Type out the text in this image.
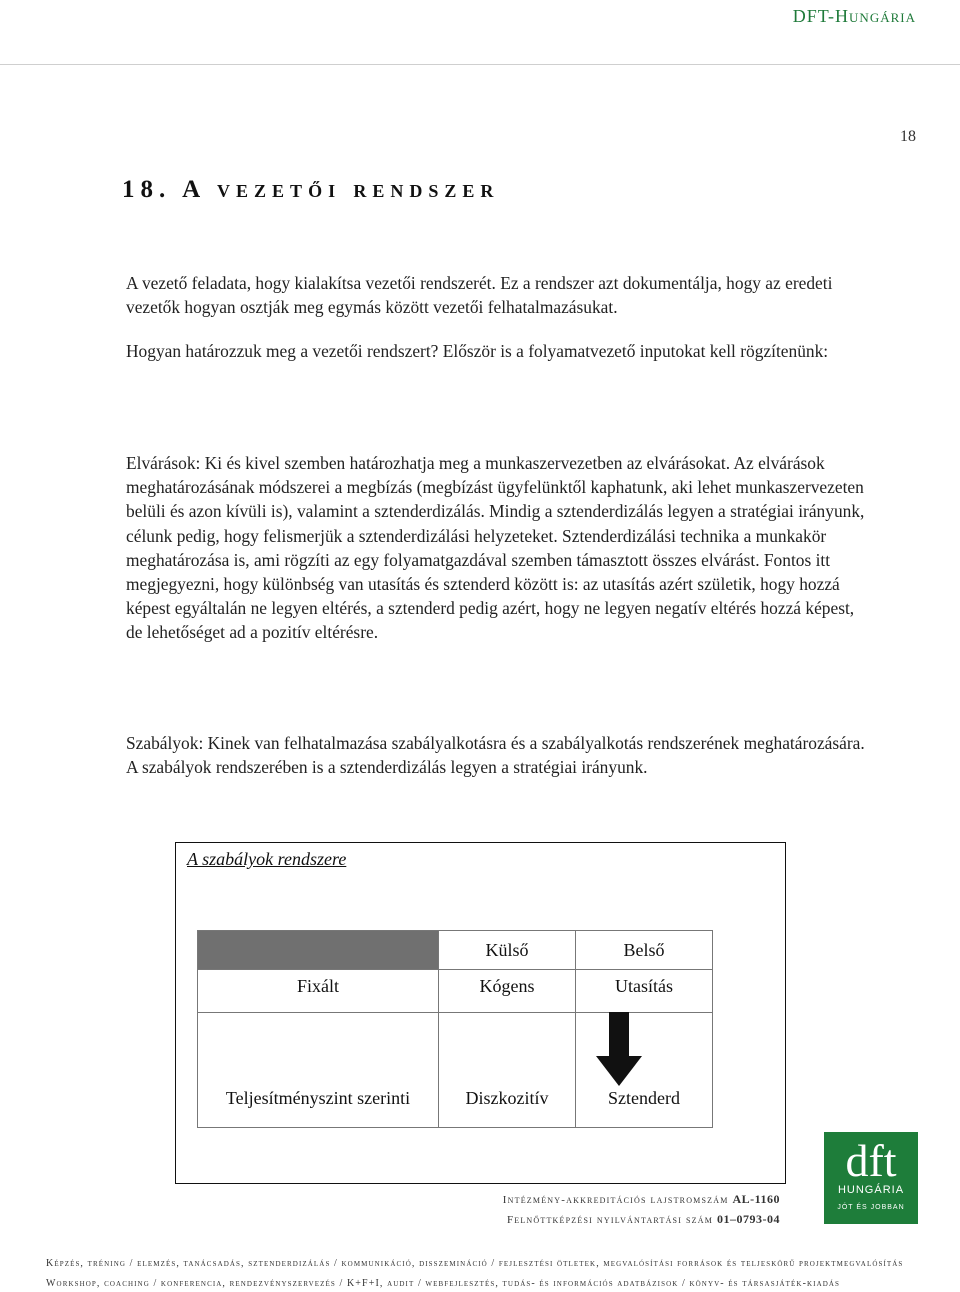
DFT-Hungária
18
18. A vezetői rendszer

A vezető feladata, hogy kialakítsa vezetői rendszerét. Ez a rendszer azt dokumentálja, hogy az eredeti vezetők hogyan osztják meg egymás között vezetői felhatalmazásukat.

Hogyan határozzuk meg a vezetői rendszert? Először is a folyamatvezető inputokat kell rögzítenünk:

Elvárások: Ki és kivel szemben határozhatja meg a munkaszervezetben az elvárásokat. Az elvárások meghatározásának módszerei a megbízás (megbízást ügyfelünktől kaphatunk, aki lehet munkaszervezeten belüli és azon kívüli is), valamint a sztenderdizálás. Mindig a sztenderdizálás legyen a stratégiai irányunk, célunk pedig, hogy felismerjük a sztenderdizálási helyzeteket. Sztenderdizálási technika a munkakör meghatározása is, ami rögzíti az egy folyamatgazdával szemben támasztott összes elvárást. Fontos itt megjegyezni, hogy különbség van utasítás és sztenderd között is: az utasítás azért születik, hogy hozzá képest egyáltalán ne legyen eltérés, a sztenderd pedig azért, hogy ne legyen negatív eltérés hozzá képest, de lehetőséget ad a pozitív eltérésre.

Szabályok: Kinek van felhatalmazása szabályalkotásra és a szabályalkotás rendszerének meghatározására. A szabályok rendszerében is a sztenderdizálás legyen a stratégiai irányunk.

A szabályok rendszere
	Külső	Belső
Fixált	Kógens	Utasítás
Teljesítményszint szerinti	Diszkozitív	Sztenderd
dft
HUNGÁRIA
JÓT ÉS JOBBAN
Intézmény-akkreditációs lajstromszám AL-1160
Felnőttképzési nyilvántartási szám 01–0793-04
Képzés, tréning / elemzés, tanácsadás, sztenderdizálás / kommunikáció, disszemináció / fejlesztési ötletek, megvalósítási források és teljeskörű projektmegvalósítás
Workshop, coaching / konferencia, rendezvényszervezés / K+F+I, audit / webfejlesztés, tudás- és információs adatbázisok / könyv- és társasjáték-kiadás
